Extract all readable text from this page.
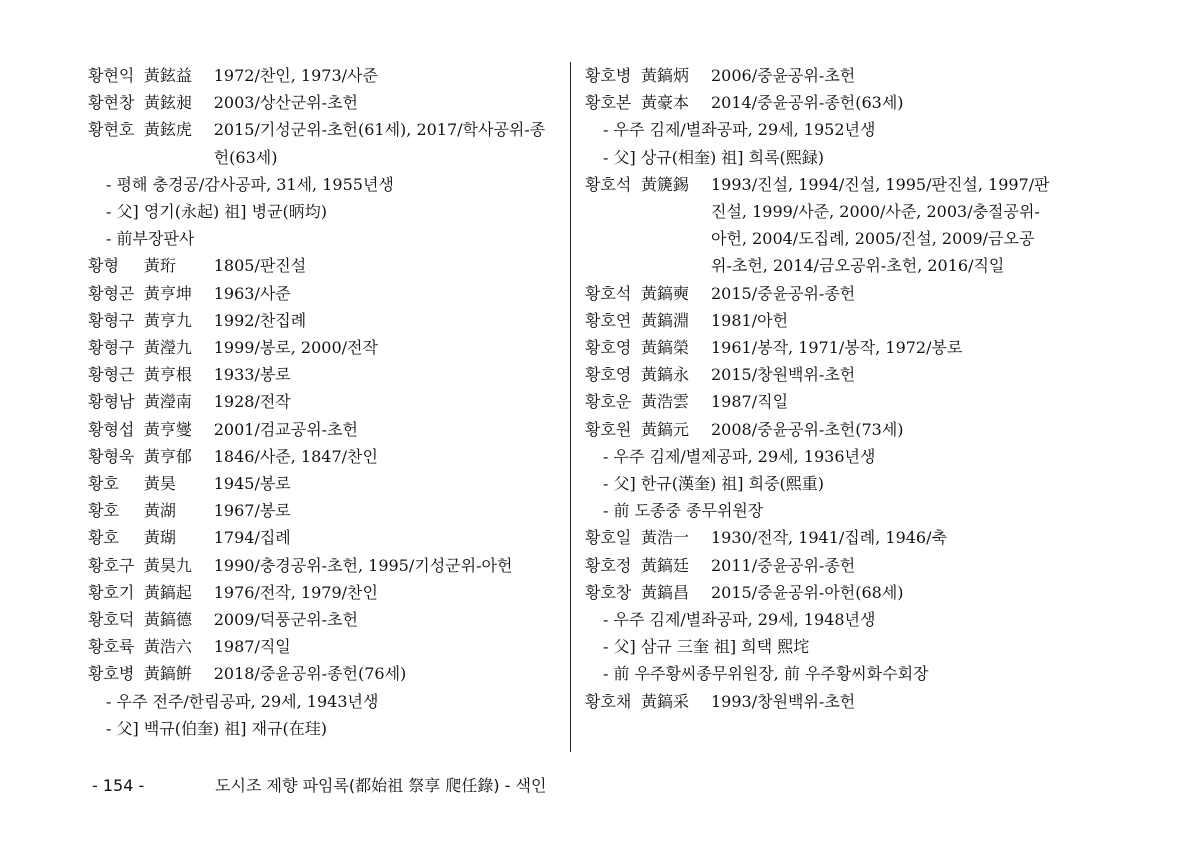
황현익 黃鉉益	1972/찬인, 1973/사준
황현창 黃鉉昶	2003/상산군위-초헌
황현호 黃鉉虎	2015/기성군위-초헌(61세), 2017/학사공위-종헌(63세)
- 평해 충경공/감사공파, 31세, 1955년생
- 父] 영기(永起) 祖] 병균(昞均)
- 前부장판사
황형	黃珩	1805/판진설
황형곤 黃亨坤	1963/사준
황형구 黃亨九	1992/찬집례
황형구 黃瀅九	1999/봉로, 2000/전작
황형근 黃亨根	1933/봉로
황형남 黃瀅南	1928/전작
황형섭 黃亨燮	2001/검교공위-초헌
황형욱 黃亨郁	1846/사준, 1847/찬인
황호	黃昊	1945/봉로
황호	黃湖	1967/봉로
황호	黃瑚	1794/집례
황호구 黃昊九	1990/충경공위-초헌, 1995/기성군위-아헌
황호기 黃鎬起	1976/전작, 1979/찬인
황호덕 黃鎬德	2009/덕풍군위-초헌
황호륙 黃浩六	1987/직일
황호병 黃鎬餠	2018/중윤공위-종헌(76세)
- 우주 전주/한림공파, 29세, 1943년생
- 父] 백규(伯奎) 祖] 재규(在珪)
황호병 黃鎬炳	2006/중윤공위-초헌
황호본 黃豪本	2014/중윤공위-종헌(63세)
- 우주 김제/별좌공파, 29세, 1952년생
- 父] 상규(相奎) 祖] 희록(熙録)
황호석 黃篪錫	1993/진설, 1994/진설, 1995/판진설, 1997/판진설, 1999/사준, 2000/사준, 2003/충절공위-아헌, 2004/도집례, 2005/진설, 2009/금오공위-초헌, 2014/금오공위-초헌, 2016/직일
황호석 黃鎬奭	2015/중윤공위-종헌
황호연 黃鎬淵	1981/아헌
황호영 黃鎬榮	1961/봉작, 1971/봉작, 1972/봉로
황호영 黃鎬永	2015/창원백위-초헌
황호운 黃浩雲	1987/직일
황호원 黃鎬元	2008/중윤공위-초헌(73세)
- 우주 김제/별제공파, 29세, 1936년생
- 父] 한규(漢奎) 祖] 희중(熙重)
- 前 도종중 종무위원장
황호일 黃浩一	1930/전작, 1941/집례, 1946/축
황호정 黃鎬廷	2011/중윤공위-종헌
황호창 黃鎬昌	2015/중윤공위-아헌(68세)
- 우주 김제/별좌공파, 29세, 1948년생
- 父] 삼규 三奎 祖] 희택 熙垞
- 前 우주황씨종무위원장, 前 우주황씨화수회장
황호채 黃鎬采	1993/창원백위-초헌
- 154 -	도시조 제향 파임록(都始祖 祭享 爬任錄) - 색인
